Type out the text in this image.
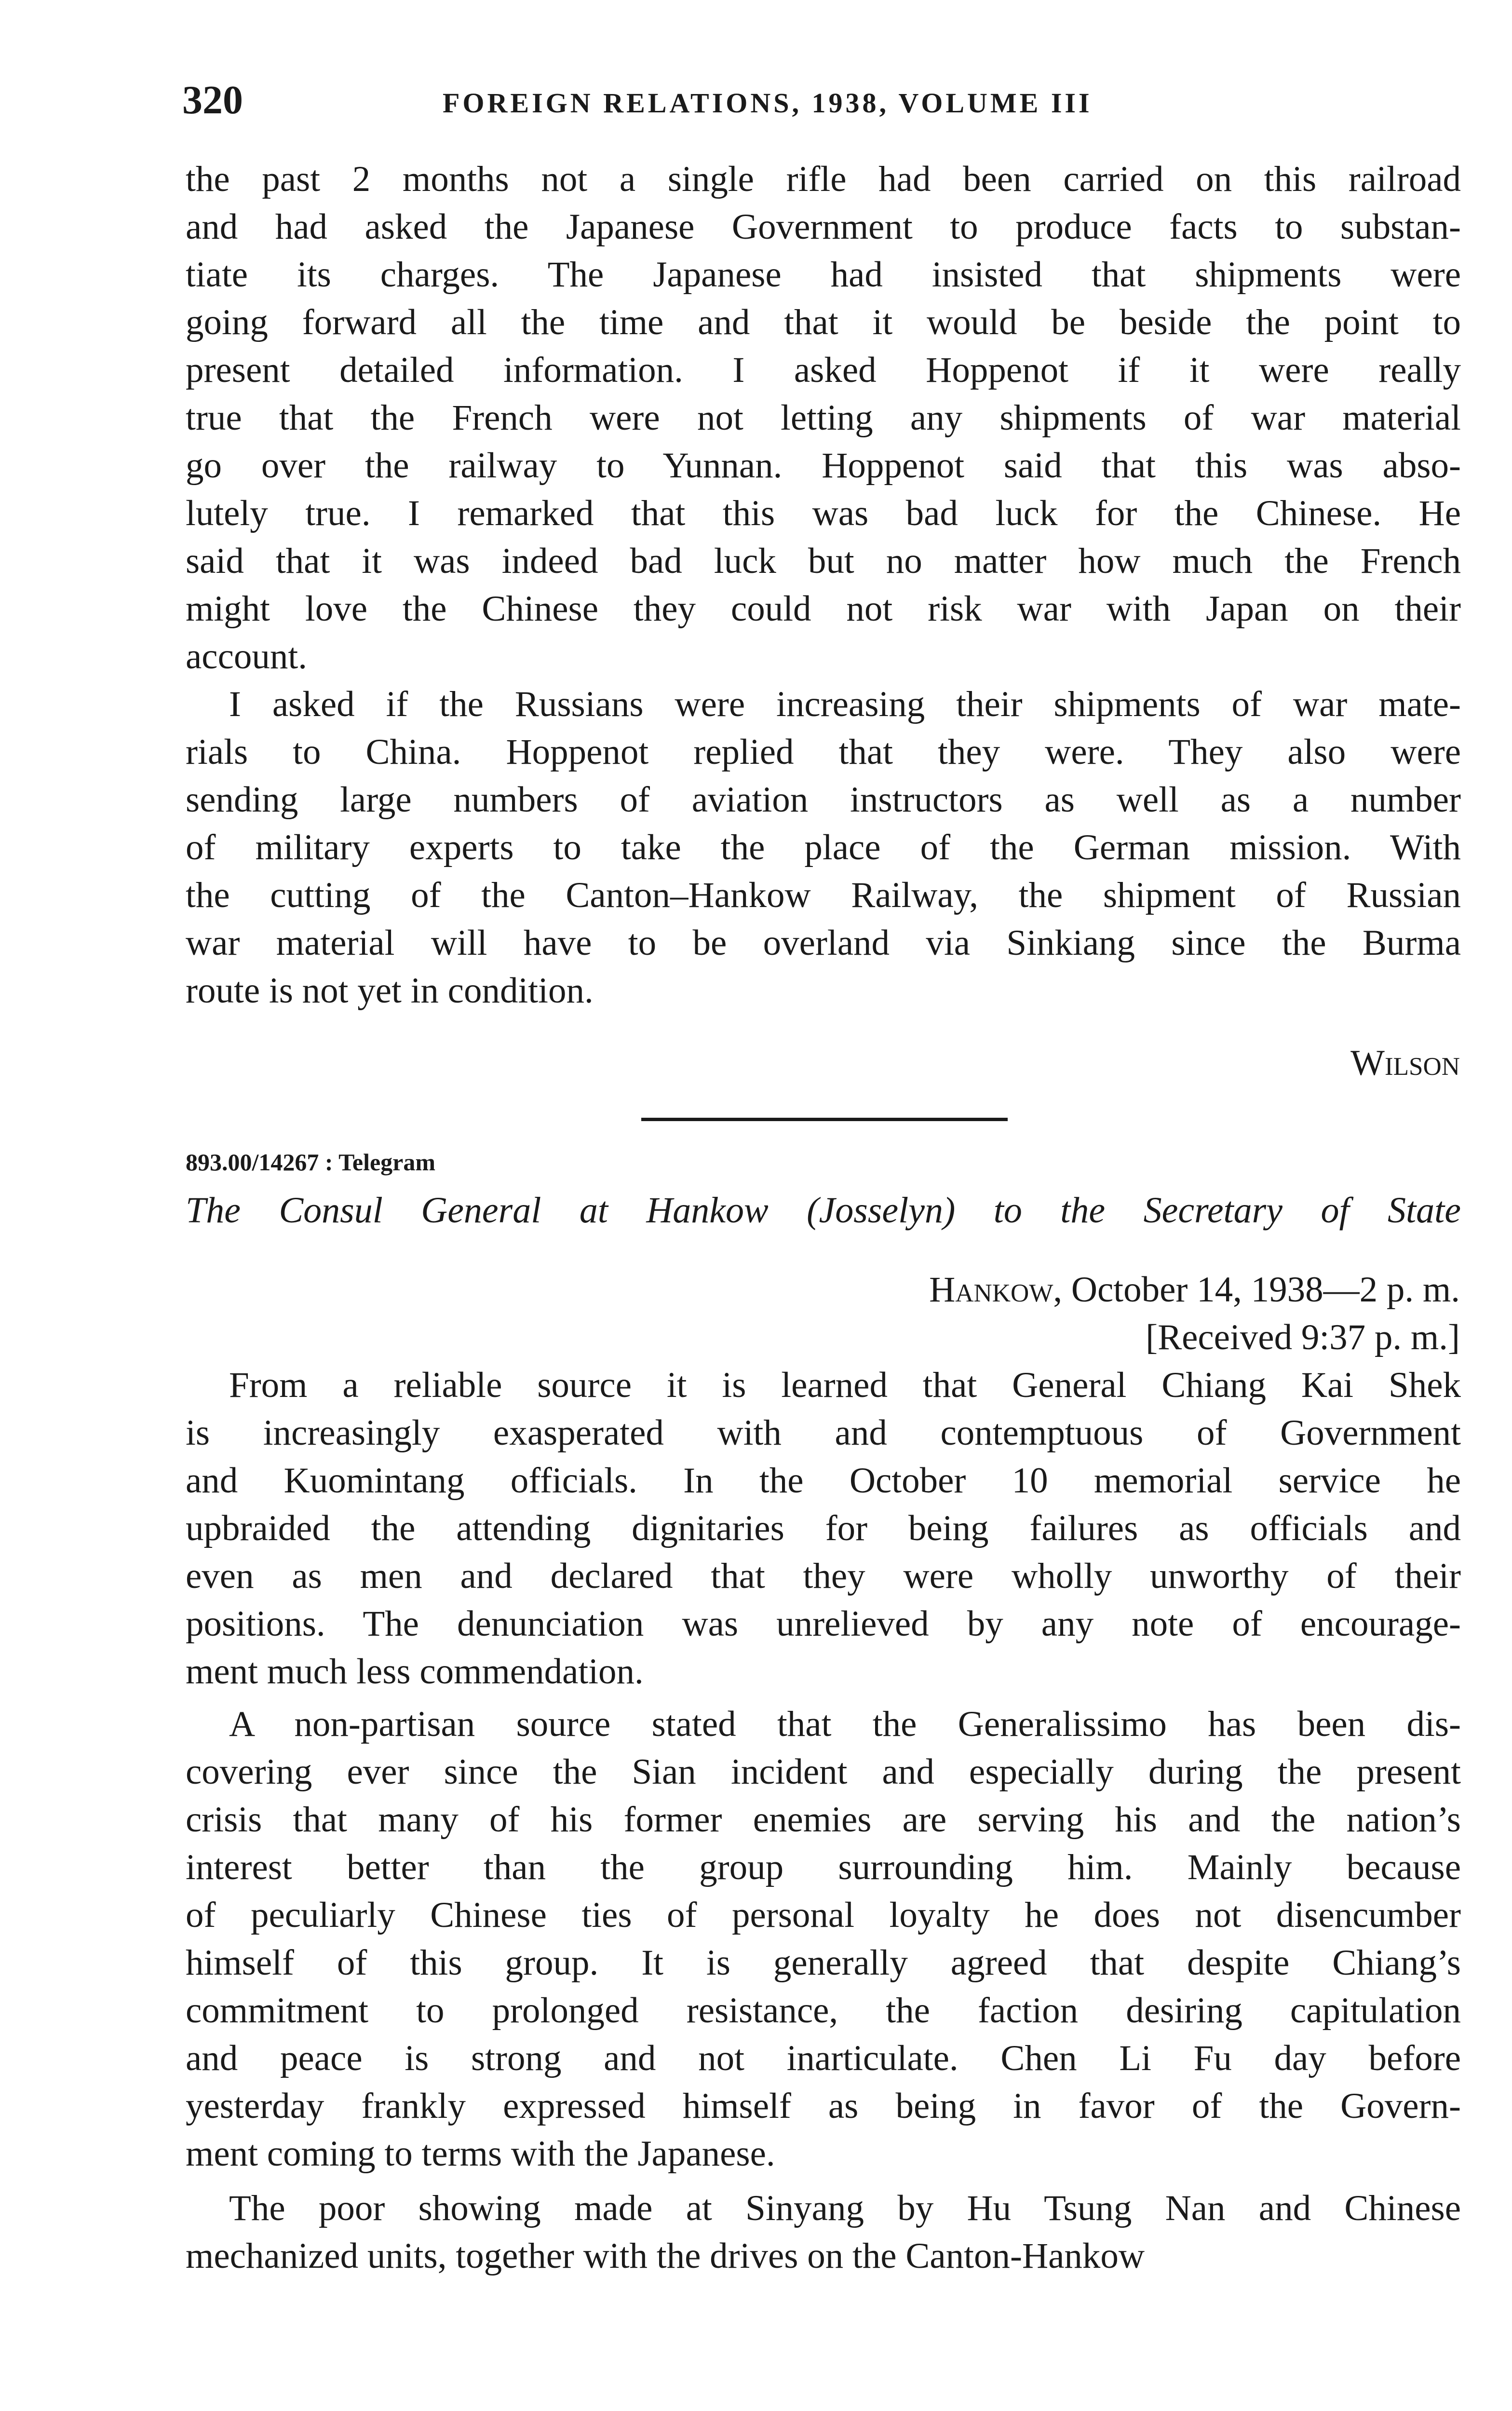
320	FOREIGN RELATIONS, 1938, VOLUME III
the past 2 months not a single rifle had been carried on this railroad
and had asked the Japanese Government to produce facts to substan-
tiate its charges. The Japanese had insisted that shipments were
going forward all the time and that it would be beside the point to
present detailed information. I asked Hoppenot if it were really
true that the French were not letting any shipments of war material
go over the railway to Yunnan. Hoppenot said that this was abso-
lutely true. I remarked that this was bad luck for the Chinese. He
said that it was indeed bad luck but no matter how much the French
might love the Chinese they could not risk war with Japan on their
account.
I asked if the Russians were increasing their shipments of war mate-
rials to China. Hoppenot replied that they were. They also were
sending large numbers of aviation instructors as well as a number
of military experts to take the place of the German mission. With
the cutting of the Canton–Hankow Railway, the shipment of Russian
war material will have to be overland via Sinkiang since the Burma
route is not yet in condition.
Wilson
893.00/14267 : Telegram
The Consul General at Hankow (Josselyn) to the Secretary of State
Hankow, October 14, 1938—2 p. m.
[Received 9:37 p. m.]
From a reliable source it is learned that General Chiang Kai Shek
is increasingly exasperated with and contemptuous of Government
and Kuomintang officials. In the October 10 memorial service he
upbraided the attending dignitaries for being failures as officials and
even as men and declared that they were wholly unworthy of their
positions. The denunciation was unrelieved by any note of encourage-
ment much less commendation.
A non-partisan source stated that the Generalissimo has been dis-
covering ever since the Sian incident and especially during the present
crisis that many of his former enemies are serving his and the nation’s
interest better than the group surrounding him. Mainly because
of peculiarly Chinese ties of personal loyalty he does not disencumber
himself of this group. It is generally agreed that despite Chiang’s
commitment to prolonged resistance, the faction desiring capitulation
and peace is strong and not inarticulate. Chen Li Fu day before
yesterday frankly expressed himself as being in favor of the Govern-
ment coming to terms with the Japanese.
The poor showing made at Sinyang by Hu Tsung Nan and Chinese
mechanized units, together with the drives on the Canton-Hankow
